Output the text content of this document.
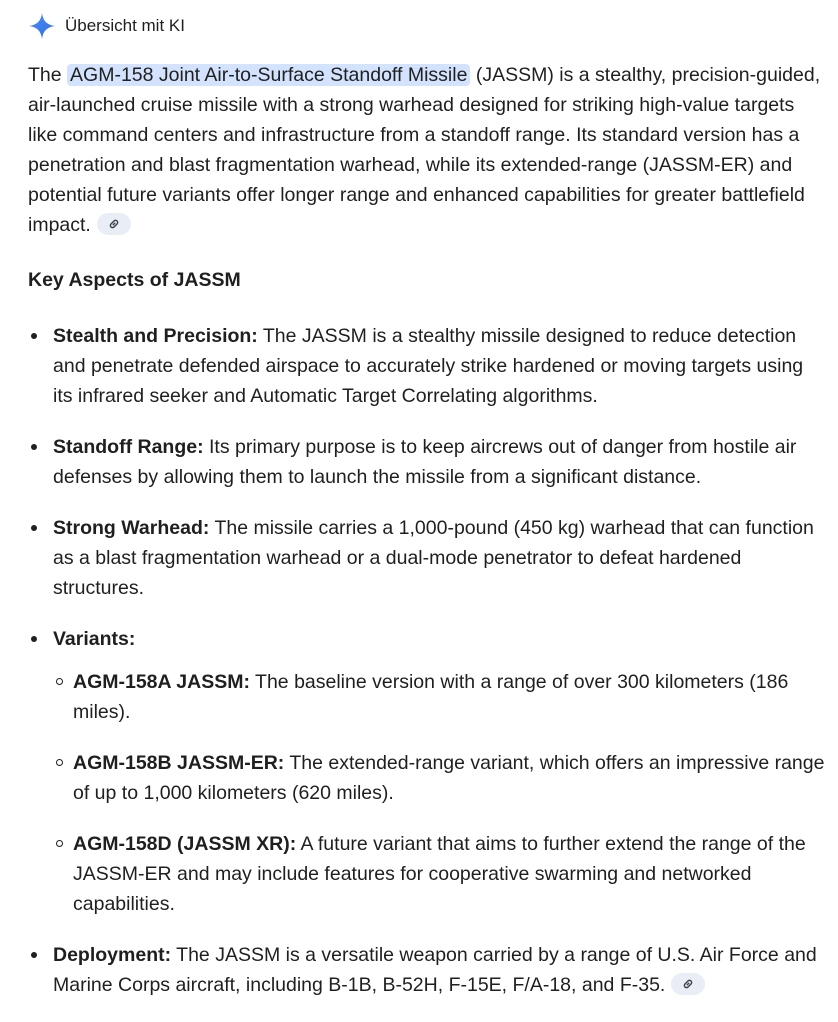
Übersicht mit KI

The AGM-158 Joint Air-to-Surface Standoff Missile (JASSM) is a stealthy, precision-guided, air-launched cruise missile with a strong warhead designed for striking high-value targets like command centers and infrastructure from a standoff range. Its standard version has a penetration and blast fragmentation warhead, while its extended-range (JASSM-ER) and potential future variants offer longer range and enhanced capabilities for greater battlefield impact.

Key Aspects of JASSM
Stealth and Precision: The JASSM is a stealthy missile designed to reduce detection and penetrate defended airspace to accurately strike hardened or moving targets using its infrared seeker and Automatic Target Correlating algorithms.
Standoff Range: Its primary purpose is to keep aircrews out of danger from hostile air defenses by allowing them to launch the missile from a significant distance.
Strong Warhead: The missile carries a 1,000-pound (450 kg) warhead that can function as a blast fragmentation warhead or a dual-mode penetrator to defeat hardened structures.
Variants:
AGM-158A JASSM: The baseline version with a range of over 300 kilometers (186 miles).
AGM-158B JASSM-ER: The extended-range variant, which offers an impressive range of up to 1,000 kilometers (620 miles).
AGM-158D (JASSM XR): A future variant that aims to further extend the range of the JASSM-ER and may include features for cooperative swarming and networked capabilities.
Deployment: The JASSM is a versatile weapon carried by a range of U.S. Air Force and Marine Corps aircraft, including B-1B, B-52H, F-15E, F/A-18, and F-35.
